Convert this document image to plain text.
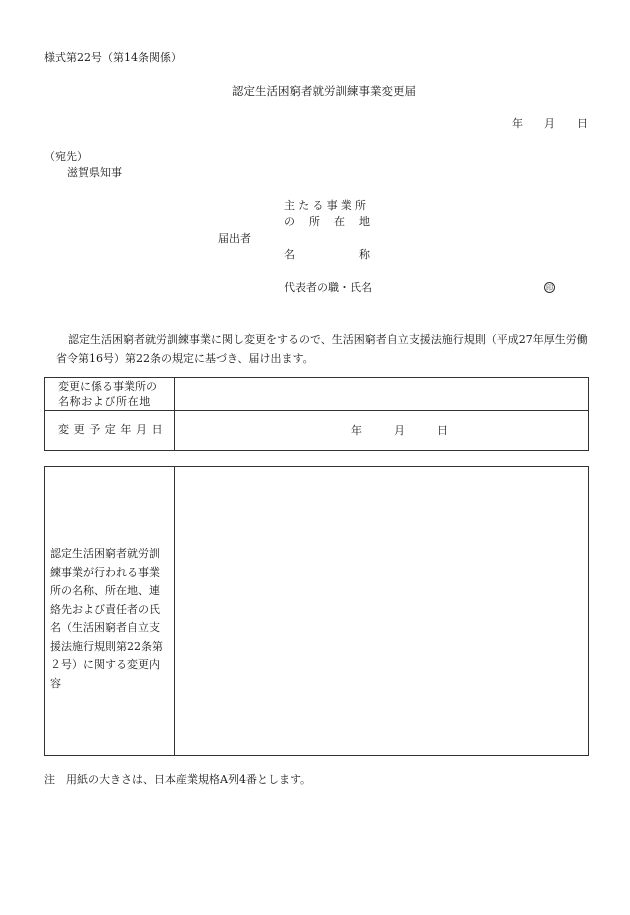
様式第22号（第14条関係）
認定生活困窮者就労訓練事業変更届
年 月 日
（宛先）
滋賀県知事
主たる事業所
の 所 在 地
届出者
名	称
代表者の職・氏名	印
認定生活困窮者就労訓練事業に関し変更をするので、生活困窮者自立支援法施行規則（平成27年厚生労働省令第16号）第22条の規定に基づき、届け出ます。
変更に係る事業所の
名称および所在地	

変更予定年月日	年 月 日

認定生活困窮者就労訓練事業が行われる事業所の名称、所在地、連絡先および責任者の氏名（生活困窮者自立支援法施行規則第22条第２号）に関する変更内容
注　用紙の大きさは、日本産業規格A列4番とします。
